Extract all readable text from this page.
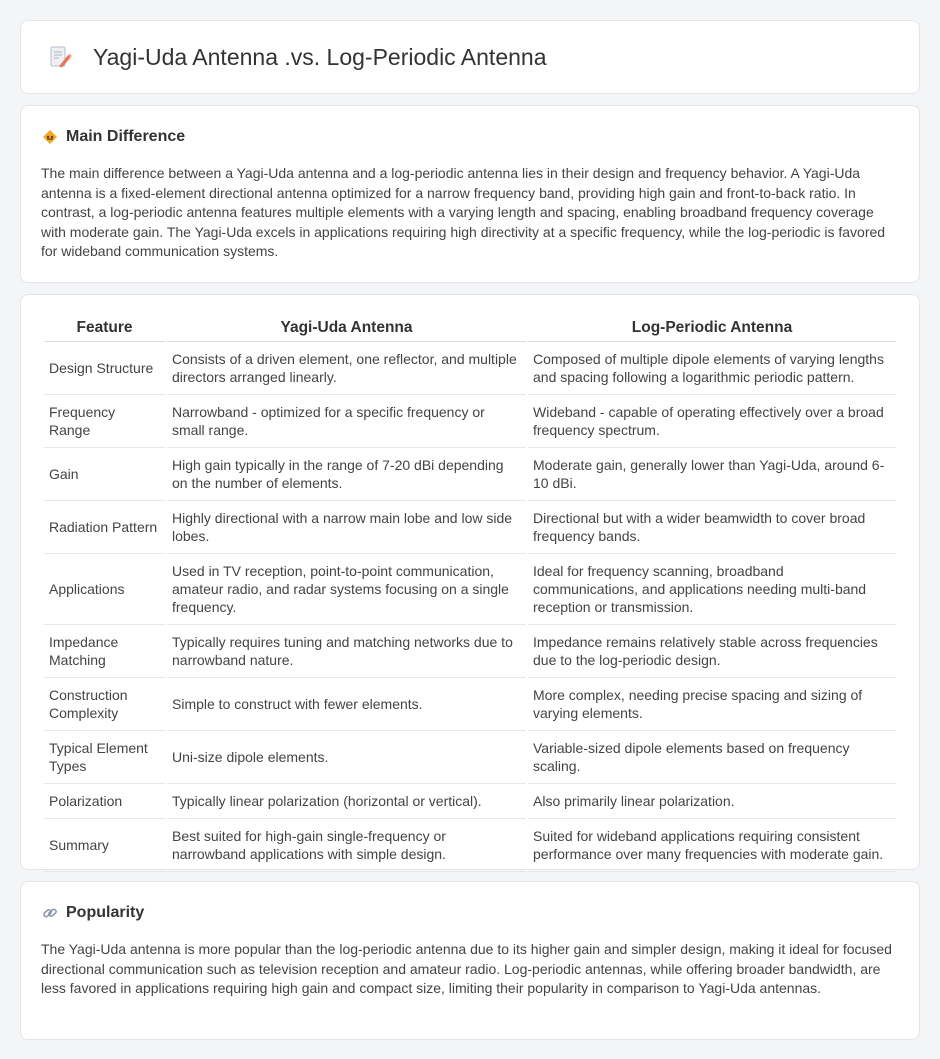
Yagi-Uda Antenna .vs. Log-Periodic Antenna
Main Difference

The main difference between a Yagi-Uda antenna and a log-periodic antenna lies in their design and frequency behavior. A Yagi-Uda antenna is a fixed-element directional antenna optimized for a narrow frequency band, providing high gain and front-to-back ratio. In contrast, a log-periodic antenna features multiple elements with a varying length and spacing, enabling broadband frequency coverage with moderate gain. The Yagi-Uda excels in applications requiring high directivity at a specific frequency, while the log-periodic is favored for wideband communication systems.

Feature	Yagi-Uda Antenna	Log-Periodic Antenna
Design Structure	Consists of a driven element, one reflector, and multiple directors arranged linearly.	Composed of multiple dipole elements of varying lengths and spacing following a logarithmic periodic pattern.
Frequency Range	Narrowband - optimized for a specific frequency or small range.	Wideband - capable of operating effectively over a broad frequency spectrum.
Gain	High gain typically in the range of 7-20 dBi depending on the number of elements.	Moderate gain, generally lower than Yagi-Uda, around 6-10 dBi.
Radiation Pattern	Highly directional with a narrow main lobe and low side lobes.	Directional but with a wider beamwidth to cover broad frequency bands.
Applications	Used in TV reception, point-to-point communication, amateur radio, and radar systems focusing on a single frequency.	Ideal for frequency scanning, broadband communications, and applications needing multi-band reception or transmission.
Impedance Matching	Typically requires tuning and matching networks due to narrowband nature.	Impedance remains relatively stable across frequencies due to the log-periodic design.
Construction Complexity	Simple to construct with fewer elements.	More complex, needing precise spacing and sizing of varying elements.
Typical Element Types	Uni-size dipole elements.	Variable-sized dipole elements based on frequency scaling.
Polarization	Typically linear polarization (horizontal or vertical).	Also primarily linear polarization.
Summary	Best suited for high-gain single-frequency or narrowband applications with simple design.	Suited for wideband applications requiring consistent performance over many frequencies with moderate gain.
Popularity

The Yagi-Uda antenna is more popular than the log-periodic antenna due to its higher gain and simpler design, making it ideal for focused directional communication such as television reception and amateur radio. Log-periodic antennas, while offering broader bandwidth, are less favored in applications requiring high gain and compact size, limiting their popularity in comparison to Yagi-Uda antennas.
